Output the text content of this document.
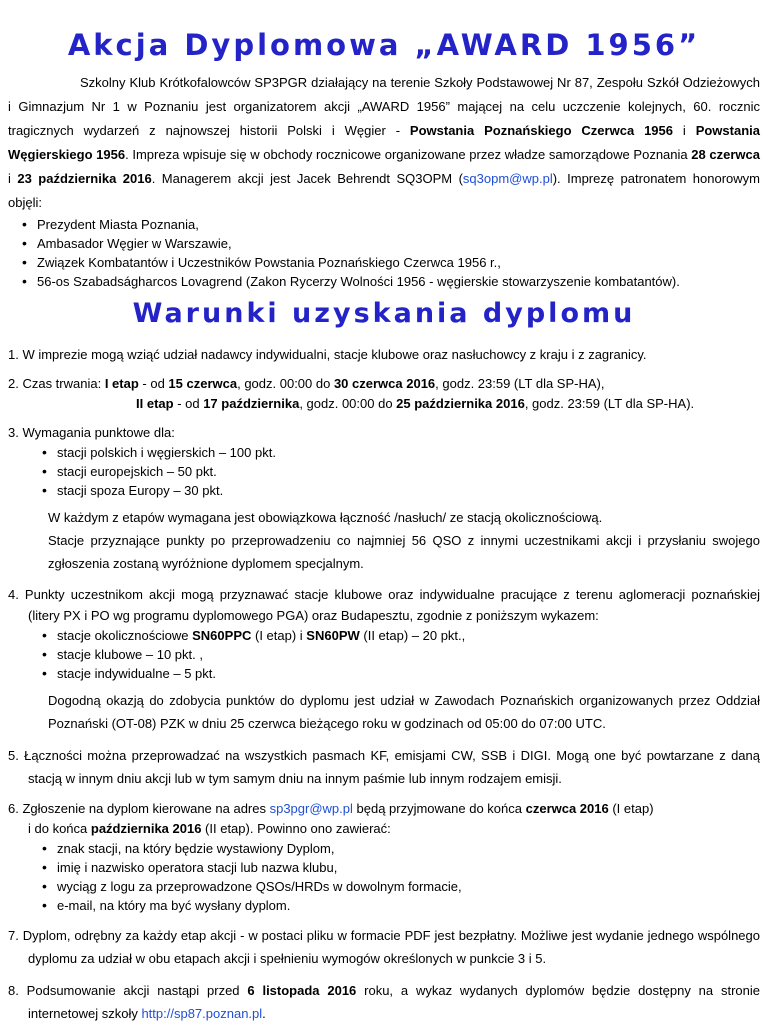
Akcja Dyplomowa „AWARD 1956”

Szkolny Klub Krótkofalowców SP3PGR działający na terenie Szkoły Podstawowej Nr 87, Zespołu Szkół Odzieżowych i Gimnazjum Nr 1 w Poznaniu jest organizatorem akcji „AWARD 1956” mającej na celu uczczenie kolejnych, 60. rocznic tragicznych wydarzeń z najnowszej historii Polski i Węgier - Powstania Poznańskiego Czerwca 1956 i Powstania Węgierskiego 1956. Impreza wpisuje się w obchody rocznicowe organizowane przez władze samorządowe Poznania 28 czerwca i 23 października 2016. Managerem akcji jest Jacek Behrendt SQ3OPM (sq3opm@wp.pl). Imprezę patronatem honorowym objęli:

• Prezydent Miasta Poznania,
• Ambasador Węgier w Warszawie,
• Związek Kombatantów i Uczestników Powstania Poznańskiego Czerwca 1956 r.,
• 56-os Szabadságharcos Lovagrend (Zakon Rycerzy Wolności 1956 - węgierskie stowarzyszenie kombatantów).
Warunki uzyskania dyplomu
1. W imprezie mogą wziąć udział nadawcy indywidualni, stacje klubowe oraz nasłuchowcy z kraju i z zagranicy.
2. Czas trwania: I etap - od 15 czerwca, godz. 00:00 do 30 czerwca 2016, godz. 23:59 (LT dla SP-HA),
II etap - od 17 października, godz. 00:00 do 25 października 2016, godz. 23:59 (LT dla SP-HA).
3. Wymagania punktowe dla:
• stacji polskich i węgierskich – 100 pkt.
• stacji europejskich – 50 pkt.
• stacji spoza Europy – 30 pkt.
W każdym z etapów wymagana jest obowiązkowa łączność /nasłuch/ ze stacją okolicznościową.
Stacje przyznające punkty po przeprowadzeniu co najmniej 56 QSO z innymi uczestnikami akcji i przysłaniu swojego zgłoszenia zostaną wyróżnione dyplomem specjalnym.
4. Punkty uczestnikom akcji mogą przyznawać stacje klubowe oraz indywidualne pracujące z terenu aglomeracji poznańskiej (litery PX i PO wg programu dyplomowego PGA) oraz Budapesztu, zgodnie z poniższym wykazem:
• stacje okolicznościowe SN60PPC (I etap) i SN60PW (II etap) – 20 pkt.,
• stacje klubowe – 10 pkt. ,
• stacje indywidualne – 5 pkt.
Dogodną okazją do zdobycia punktów do dyplomu jest udział w Zawodach Poznańskich organizowanych przez Oddział Poznański (OT-08) PZK w dniu 25 czerwca bieżącego roku w godzinach od 05:00 do 07:00 UTC.
5. Łączności można przeprowadzać na wszystkich pasmach KF, emisjami CW, SSB i DIGI. Mogą one być powtarzane z daną stacją w innym dniu akcji lub w tym samym dniu na innym paśmie lub innym rodzajem emisji.
6. Zgłoszenie na dyplom kierowane na adres sp3pgr@wp.pl będą przyjmowane do końca czerwca 2016 (I etap)
i do końca października 2016 (II etap). Powinno ono zawierać:
• znak stacji, na który będzie wystawiony Dyplom,
• imię i nazwisko operatora stacji lub nazwa klubu,
• wyciąg z logu za przeprowadzone QSOs/HRDs w dowolnym formacie,
• e-mail, na który ma być wysłany dyplom.
7. Dyplom, odrębny za każdy etap akcji - w postaci pliku w formacie PDF jest bezpłatny. Możliwe jest wydanie jednego wspólnego dyplomu za udział w obu etapach akcji i spełnieniu wymogów określonych w punkcie 3 i 5.
8. Podsumowanie akcji nastąpi przed 6 listopada 2016 roku, a wykaz wydanych dyplomów będzie dostępny na stronie internetowej szkoły http://sp87.poznan.pl.
